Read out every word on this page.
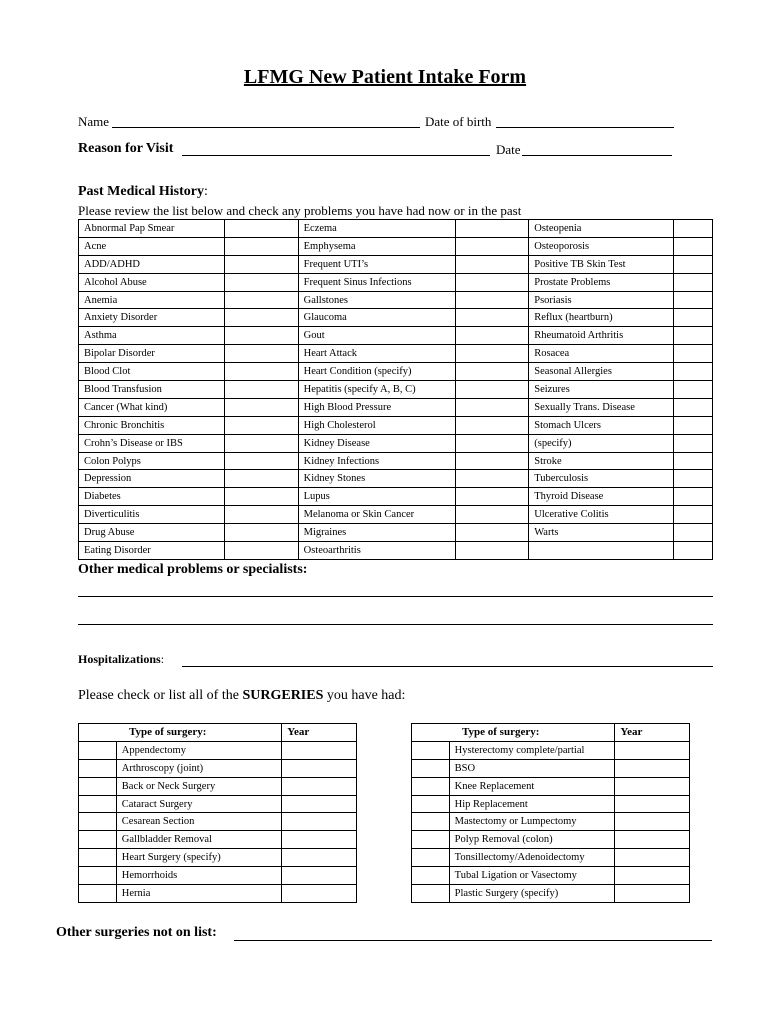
LFMG New Patient Intake Form
Name	Date of birth
Reason for Visit	Date
Past Medical History:
Please review the list below and check any problems you have had now or in the past
Abnormal Pap Smear		Eczema		Osteopenia	
Acne		Emphysema		Osteoporosis	
ADD/ADHD		Frequent UTI’s		Positive TB Skin Test	
Alcohol Abuse		Frequent Sinus Infections		Prostate Problems	
Anemia		Gallstones		Psoriasis	
Anxiety Disorder		Glaucoma		Reflux (heartburn)	
Asthma		Gout		Rheumatoid Arthritis	
Bipolar Disorder		Heart Attack		Rosacea	
Blood Clot		Heart Condition (specify)		Seasonal Allergies	
Blood Transfusion		Hepatitis (specify A, B, C)		Seizures	
Cancer (What kind)		High Blood Pressure		Sexually Trans. Disease	
Chronic Bronchitis		High Cholesterol		Stomach Ulcers	
Crohn’s Disease or IBS		Kidney Disease		(specify)	
Colon Polyps		Kidney Infections		Stroke	
Depression		Kidney Stones		Tuberculosis	
Diabetes		Lupus		Thyroid Disease	
Diverticulitis		Melanoma or Skin Cancer		Ulcerative Colitis	
Drug Abuse		Migraines		Warts	
Eating Disorder		Osteoarthritis			
Other medical problems or specialists:
Hospitalizations:
Please check or list all of the SURGERIES you have had:
Type of surgery:		Year
	Appendectomy	
	Arthroscopy (joint)	
	Back or Neck Surgery	
	Cataract Surgery	
	Cesarean Section	
	Gallbladder Removal	
	Heart Surgery (specify)	
	Hemorrhoids	
	Hernia	
Type of surgery:		Year
	Hysterectomy complete/partial	
	BSO	
	Knee Replacement	
	Hip Replacement	
	Mastectomy or Lumpectomy	
	Polyp Removal (colon)	
	Tonsillectomy/Adenoidectomy	
	Tubal Ligation or Vasectomy	
	Plastic Surgery (specify)	
Other surgeries not on list:
